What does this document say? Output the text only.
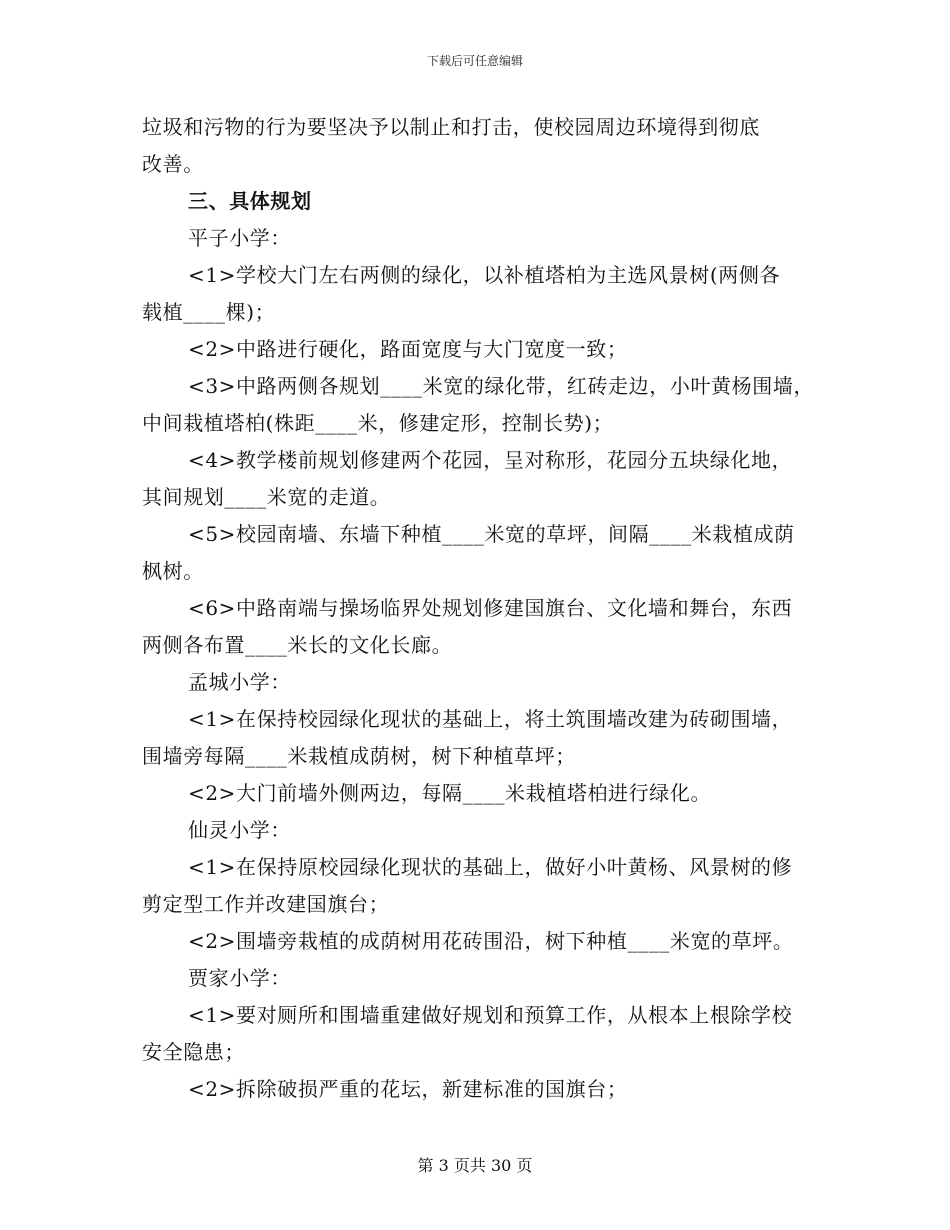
下载后可任意编辑

垃圾和污物的行为要坚决予以制止和打击，使校园周边环境得到彻底

改善。

三、具体规划

平子小学：

<1>学校大门左右两侧的绿化，以补植塔柏为主选风景树(两侧各

载植____棵)；

<2>中路进行硬化，路面宽度与大门宽度一致；

<3>中路两侧各规划____米宽的绿化带，红砖走边，小叶黄杨围墙，

中间栽植塔柏(株距____米，修建定形，控制长势)；

<4>教学楼前规划修建两个花园，呈对称形，花园分五块绿化地，

其间规划____米宽的走道。

<5>校园南墙、东墙下种植____米宽的草坪，间隔____米栽植成荫

枫树。

<6>中路南端与操场临界处规划修建国旗台、文化墙和舞台，东西

两侧各布置____米长的文化长廊。

孟城小学：

<1>在保持校园绿化现状的基础上，将土筑围墙改建为砖砌围墙，

围墙旁每隔____米栽植成荫树，树下种植草坪；

<2>大门前墙外侧两边，每隔____米栽植塔柏进行绿化。

仙灵小学：

<1>在保持原校园绿化现状的基础上，做好小叶黄杨、风景树的修

剪定型工作并改建国旗台；

<2>围墙旁栽植的成荫树用花砖围沿，树下种植____米宽的草坪。

贾家小学：

<1>要对厕所和围墙重建做好规划和预算工作，从根本上根除学校

安全隐患；

<2>拆除破损严重的花坛，新建标准的国旗台；

第 3 页共 30 页
